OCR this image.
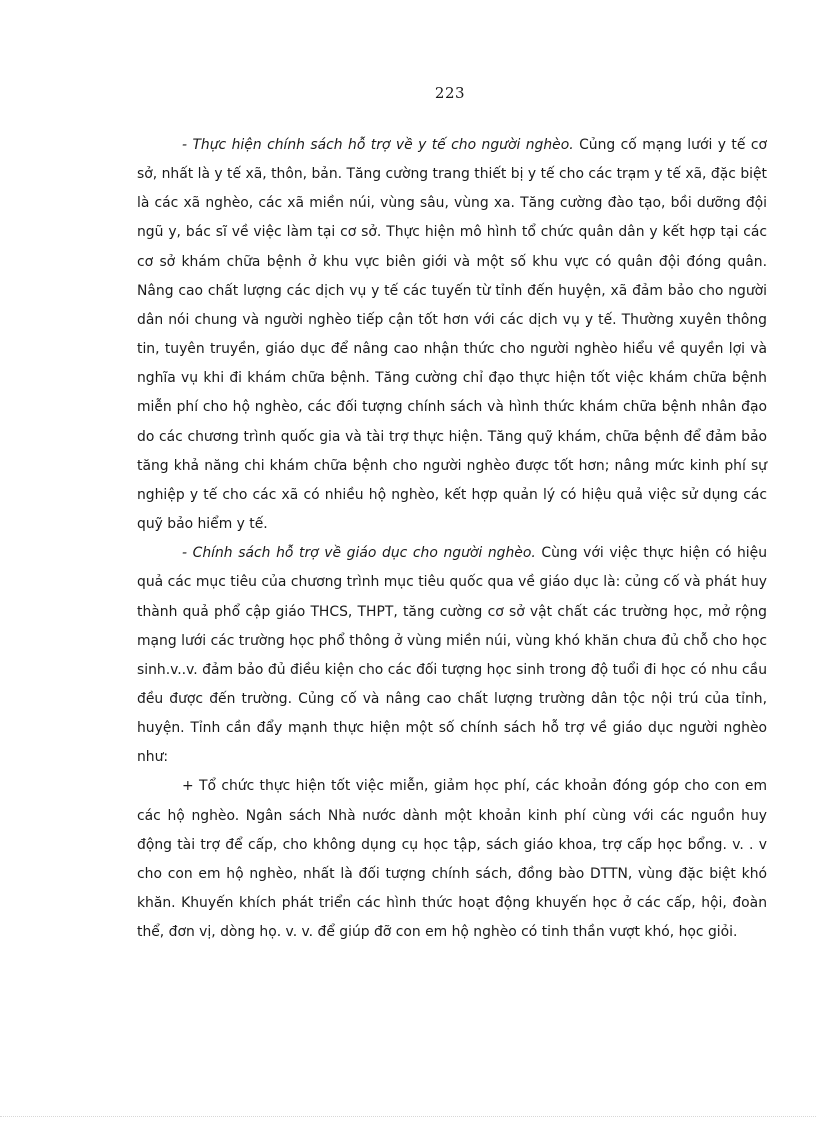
223

- Thực hiện chính sách hỗ trợ về y tế cho người nghèo. Củng cố mạng lưới y tế cơ sở, nhất là y tế xã, thôn, bản. Tăng cường trang thiết bị y tế cho các trạm y tế xã, đặc biệt là các xã nghèo, các xã miền núi, vùng sâu, vùng xa. Tăng cường đào tạo, bồi dưỡng đội ngũ y, bác sĩ về việc làm tại cơ sở. Thực hiện mô hình tổ chức quân dân y kết hợp tại các cơ sở khám chữa bệnh ở khu vực biên giới và một số khu vực có quân đội đóng quân. Nâng cao chất lượng các dịch vụ y tế các tuyến từ tỉnh đến huyện, xã đảm bảo cho người dân nói chung và người nghèo tiếp cận tốt hơn với các dịch vụ y tế. Thường xuyên thông tin, tuyên truyền, giáo dục để nâng cao nhận thức cho người nghèo hiểu về quyền lợi và nghĩa vụ khi đi khám chữa bệnh. Tăng cường chỉ đạo thực hiện tốt việc khám chữa bệnh miễn phí cho hộ nghèo, các đối tượng chính sách và hình thức khám chữa bệnh nhân đạo do các chương trình quốc gia và tài trợ thực hiện. Tăng quỹ khám, chữa bệnh để đảm bảo tăng khả năng chi khám chữa bệnh cho người nghèo được tốt hơn; nâng mức kinh phí sự nghiệp y tế cho các xã có nhiều hộ nghèo, kết hợp quản lý có hiệu quả việc sử dụng các quỹ bảo hiểm y tế.

- Chính sách hỗ trợ về giáo dục cho người nghèo. Cùng với việc thực hiện có hiệu quả các mục tiêu của chương trình mục tiêu quốc qua về giáo dục là: củng cố và phát huy thành quả phổ cập giáo THCS, THPT, tăng cường cơ sở vật chất các trường học, mở rộng mạng lưới các trường học phổ thông ở vùng miền núi, vùng khó khăn chưa đủ chỗ cho học sinh.v..v. đảm bảo đủ điều kiện cho các đối tượng học sinh trong độ tuổi đi học có nhu cầu đều được đến trường. Củng cố và nâng cao chất lượng trường dân tộc nội trú của tỉnh, huyện. Tỉnh cần đẩy mạnh thực hiện một số chính sách hỗ trợ về giáo dục người nghèo như:

+ Tổ chức thực hiện tốt việc miễn, giảm học phí, các khoản đóng góp cho con em các hộ nghèo. Ngân sách Nhà nước dành một khoản kinh phí cùng với các nguồn huy động tài trợ để cấp, cho không dụng cụ học tập, sách giáo khoa, trợ cấp học bổng. v. . v cho con em hộ nghèo, nhất là đối tượng chính sách, đồng bào DTTN, vùng đặc biệt khó khăn. Khuyến khích phát triển các hình thức hoạt động khuyến học ở các cấp, hội, đoàn thể, đơn vị, dòng họ. v. v. để giúp đỡ con em hộ nghèo có tinh thần vượt khó, học giỏi.
